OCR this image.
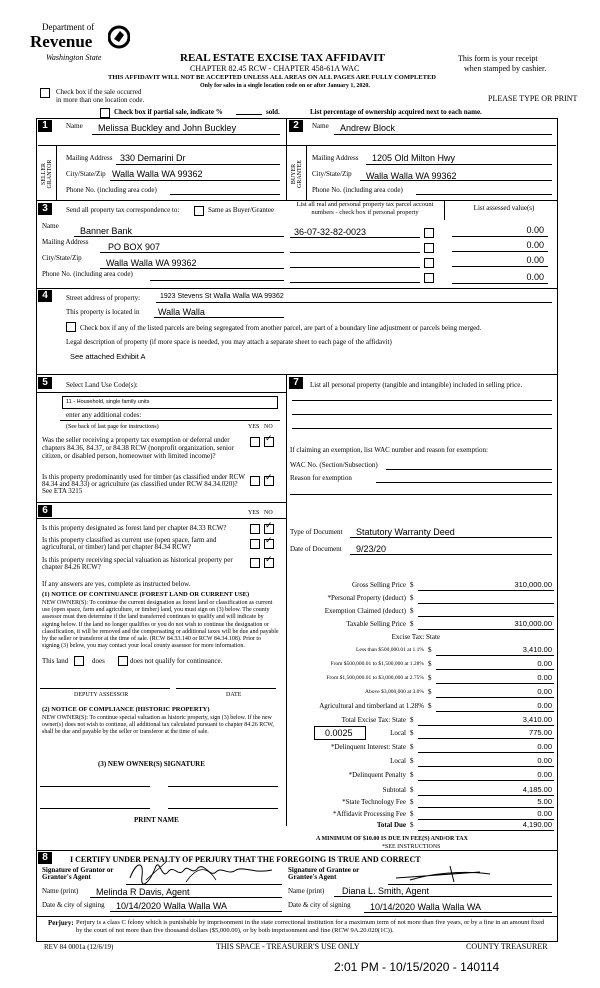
Department of
Revenue
Washington State	REAL ESTATE EXCISE TAX AFFIDAVIT
CHAPTER 82.45 RCW - CHAPTER 458-61A WAC
THIS AFFIDAVIT WILL NOT BE ACCEPTED UNLESS ALL AREAS ON ALL PAGES ARE FULLY COMPLETED
Only for sales in a single location code on or after January 1, 2020.
This form is your receipt
when stamped by cashier.
PLEASE TYPE OR PRINT
Check box if the sale occurred
in more than one location code.
Check box if partial sale, indicate %	sold.	List percentage of ownership acquired next to each name.
SELLER GRANTOR
1	Name Melissa Buckley and John Buckley
Mailing Address 330 Demarini Dr
City/State/Zip Walla Walla WA 99362
Phone No. (including area code)
BUYER GRANTEE
2	Name Andrew Block
Mailing Address 1205 Old Milton Hwy
City/State/Zip Walla Walla WA 99362
Phone No. (including area code)
3	Send all property tax correspondence to:	Same as Buyer/Grantee
List all real and personal property tax parcel account numbers - check box if personal property
List assessed value(s)
Name Banner Bank
Mailing Address PO BOX 907
City/State/Zip	Walla Walla WA 99362
Phone No. (including area code)
36-07-32-82-0023	0.00
0.00
0.00
0.00
4	Street address of property:	1923 Stevens St Walla Walla WA 99362
This property is located in Walla Walla
Check box if any of the listed parcels are being segregated from another parcel, are part of a boundary line adjustment or parcels being merged.
Legal description of property (if more space is needed, you may attach a separate sheet to each page of the affidavit)
See attached Exhibit A
5	Select Land Use Code(s):
11 - Household, single family units
enter any additional codes:
(See back of last page for instructions)	YES NO
Was the seller receiving a property tax exemption or deferral under chapters 84.36, 84.37, or 84.38 RCW (nonprofit organization, senior citizen, or disabled person, homeowner with limited income)?
✓
Is this property predominantly used for timber (as classified under RCW 84.34 and 84.33) or agriculture (as classified under RCW 84.34.020)? See ETA 3215
✓
6	YES NO
Is this property designated as forest land per chapter 84.33 RCW?
✓
Is this property classified as current use (open space, farm and agricultural, or timber) land per chapter 84.34 RCW?
✓
Is this property receiving special valuation as historical property per chapter 84.26 RCW?
✓
If any answers are yes, complete as instructed below.
(1) NOTICE OF CONTINUANCE (FOREST LAND OR CURRENT USE)
NEW OWNER(S): To continue the current designation as forest land or classification as current use (open space, farm and agriculture, or timber) land, you must sign on (3) below. The county assessor must then determine if the land transferred continues to qualify and will indicate by signing below. If the land no longer qualifies or you do not wish to continue the designation or classification, it will be removed and the compensating or additional taxes will be due and payable by the seller or transferor at the time of sale. (RCW 84.33.140 or RCW 84.34.108). Prior to signing (3) below, you may contact your local county assessor for more information.
This land	does	does not qualify for continuance.
DEPUTY ASSESSOR	DATE
(2) NOTICE OF COMPLIANCE (HISTORIC PROPERTY)
NEW OWNER(S): To continue special valuation as historic property, sign (3) below. If the new owner(s) does not wish to continue, all additional tax calculated pursuant to chapter 84.26 RCW, shall be due and payable by the seller or transferor at the time of sale.
(3) NEW OWNER(S) SIGNATURE
PRINT NAME
7	List all personal property (tangible and intangible) included in selling price.
If claiming an exemption, list WAC number and reason for exemption:
WAC No. (Section/Subsection)
Reason for exemption
Type of Document Statutory Warranty Deed
Date of Document 9/23/20
Gross Selling Price $	310,000.00
*Personal Property (deduct) $
Exemption Claimed (deduct) $
Taxable Selling Price $	310,000.00
Excise Tax: State
Less than $500,000.01 at 1.1% $	3,410.00
From $500,000.01 to $1,500,000 at 1.28% $	0.00
From $1,500,000.01 to $3,000,000 at 2.75% $	0.00
Above $3,000,000 at 3.0% $	0.00
Agricultural and timberland at 1.28% $	0.00
Total Excise Tax: State $	3,410.00
0.0025	Local $	775.00
*Delinquent Interest: State $	0.00
Local $	0.00
*Delinquent Penalty $	0.00
Subtotal $	4,185.00
*State Technology Fee $	5.00
*Affidavit Processing Fee $	0.00
Total Due $	4,190.00
A MINIMUM OF $10.00 IS DUE IN FEE(S) AND/OR TAX
*SEE INSTRUCTIONS
8	I CERTIFY UNDER PENALTY OF PERJURY THAT THE FOREGOING IS TRUE AND CORRECT
Signature of Grantor or Grantor's Agent
Signature of Grantee or Grantee's Agent
Name (print) Melinda R Davis, Agent	Name (print) Diana L. Smith, Agent
Date & city of signing 10/14/2020 Walla Walla WA	Date & city of signing 10/14/2020 Walla Walla WA
Perjury: Perjury is a class C felony which is punishable by imprisonment in the state correctional institution for a maximum term of not more than five years, or by a fine in an amount fixed by the court of not more than five thousand dollars ($5,000.00), or by both imprisonment and fine (RCW 9A.20.020(1C)).
REV 84 0001a (12/6/19)	THIS SPACE - TREASURER'S USE ONLY	COUNTY TREASURER
2:01 PM - 10/15/2020 - 140114
